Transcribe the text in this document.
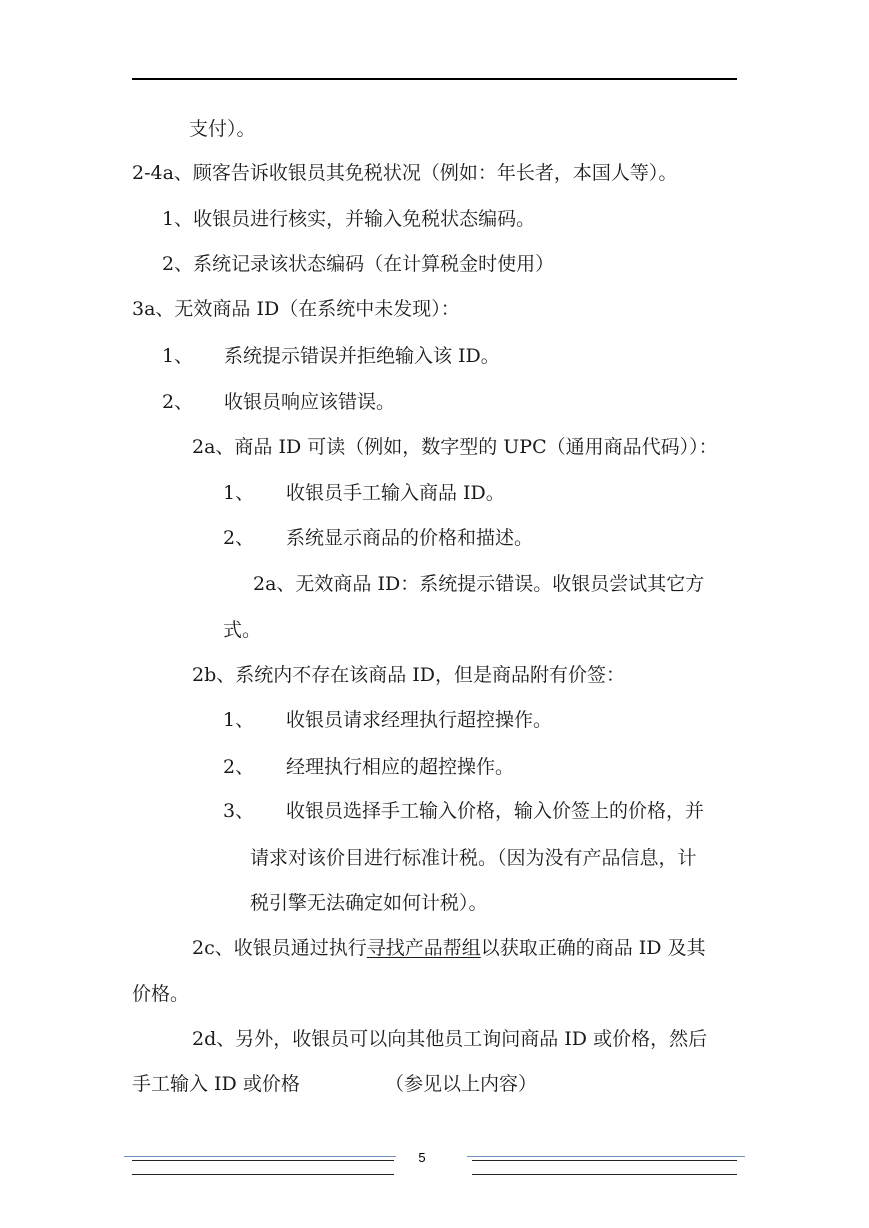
支付）。
2-4a、顾客告诉收银员其免税状况（例如：年长者，本国人等）。
1、收银员进行核实，并输入免税状态编码。
2、系统记录该状态编码（在计算税金时使用）
3a、无效商品 ID（在系统中未发现）：
1、 系统提示错误并拒绝输入该 ID。
2、 收银员响应该错误。
2a、商品 ID 可读（例如，数字型的 UPC（通用商品代码））：
1、 收银员手工输入商品 ID。
2、 系统显示商品的价格和描述。
2a、无效商品 ID：系统提示错误。收银员尝试其它方
式。
2b、系统内不存在该商品 ID，但是商品附有价签：
1、 收银员请求经理执行超控操作。
2、 经理执行相应的超控操作。
3、 收银员选择手工输入价格，输入价签上的价格，并
请求对该价目进行标准计税。（因为没有产品信息，计
税引擎无法确定如何计税）。
2c、收银员通过执行寻找产品帮组以获取正确的商品 ID 及其
价格。
2d、另外，收银员可以向其他员工询问商品 ID 或价格，然后
手工输入 ID 或价格	（参见以上内容）
5
